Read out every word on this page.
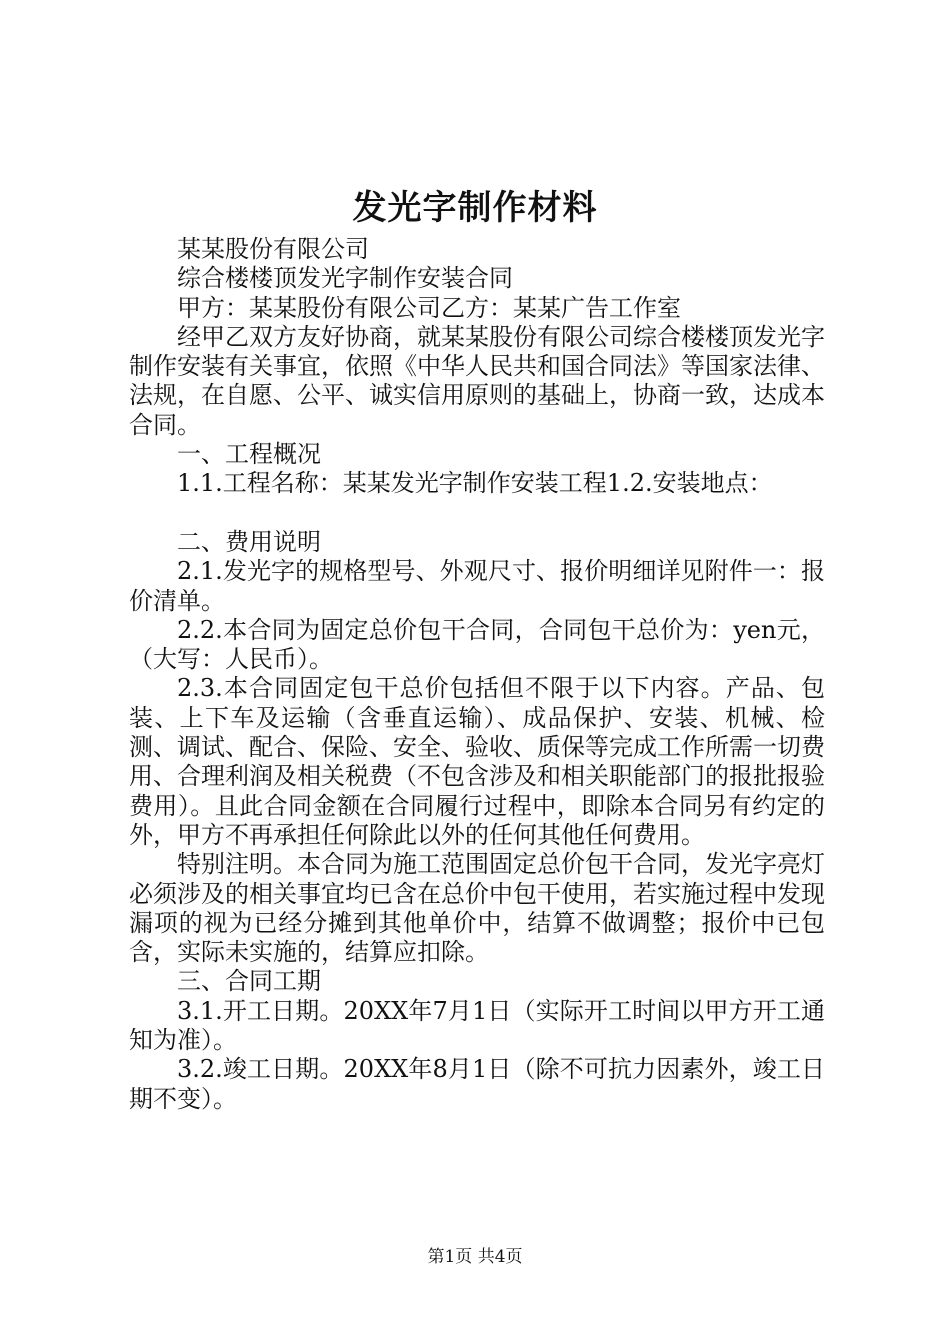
发光字制作材料

某某股份有限公司

综合楼楼顶发光字制作安装合同

甲方：某某股份有限公司乙方：某某广告工作室

经甲乙双方友好协商，就某某股份有限公司综合楼楼顶发光字制作安装有关事宜，依照《中华人民共和国合同法》等国家法律、法规，在自愿、公平、诚实信用原则的基础上，协商一致，达成本合同。

一、工程概况

1.1.工程名称：某某发光字制作安装工程1.2.安装地点：

二、费用说明

2.1.发光字的规格型号、外观尺寸、报价明细详见附件一：报价清单。

2.2.本合同为固定总价包干合同，合同包干总价为：yen元，（大写：人民币）。

2.3.本合同固定包干总价包括但不限于以下内容。产品、包装、上下车及运输（含垂直运输）、成品保护、安装、机械、检测、调试、配合、保险、安全、验收、质保等完成工作所需一切费用、合理利润及相关税费（不包含涉及和相关职能部门的报批报验费用）。且此合同金额在合同履行过程中，即除本合同另有约定的外，甲方不再承担任何除此以外的任何其他任何费用。

特别注明。本合同为施工范围固定总价包干合同，发光字亮灯必须涉及的相关事宜均已含在总价中包干使用，若实施过程中发现漏项的视为已经分摊到其他单价中，结算不做调整；报价中已包含，实际未实施的，结算应扣除。

三、合同工期

3.1.开工日期。20XX年7月1日（实际开工时间以甲方开工通知为准）。

3.2.竣工日期。20XX年8月1日（除不可抗力因素外，竣工日期不变）。

第1页 共4页
